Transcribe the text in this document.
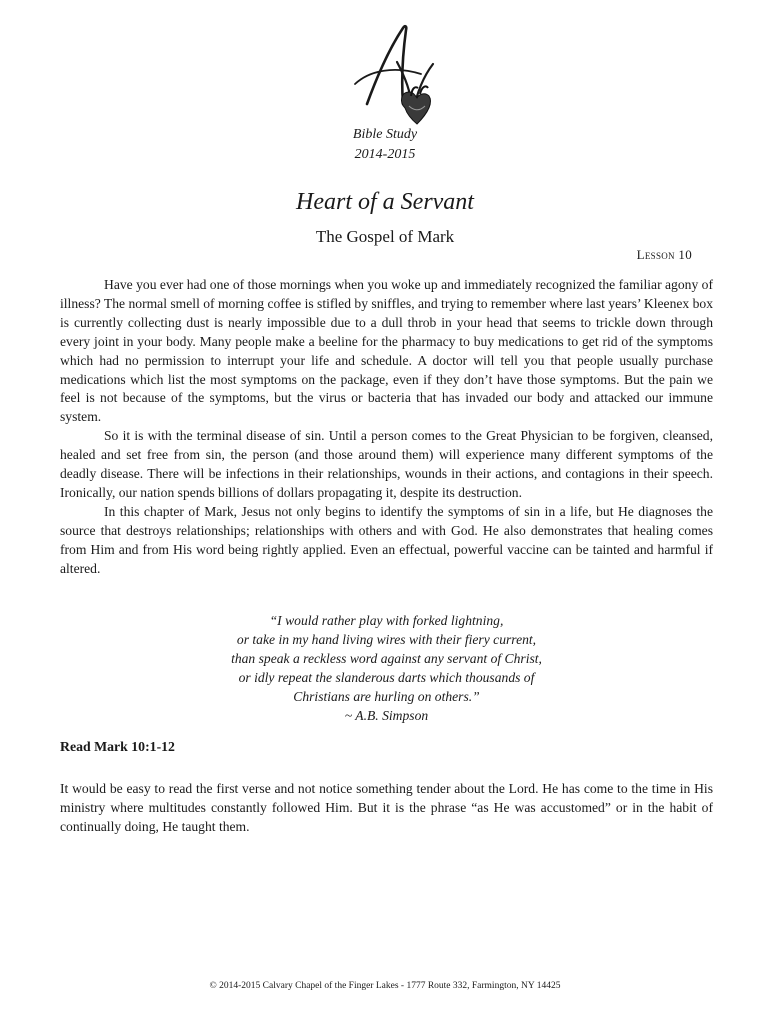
Bible Study
2014-2015
Heart of a Servant
The Gospel of Mark
Lesson 10

Have you ever had one of those mornings when you woke up and immediately recognized the familiar agony of illness? The normal smell of morning coffee is stifled by sniffles, and trying to remember where last years’ Kleenex box is currently collecting dust is nearly impossible due to a dull throb in your head that seems to trickle down through every joint in your body. Many people make a beeline for the pharmacy to buy medications to get rid of the symptoms which had no permission to interrupt your life and schedule. A doctor will tell you that people usually purchase medications which list the most symptoms on the package, even if they don’t have those symptoms. But the pain we feel is not because of the symptoms, but the virus or bacteria that has invaded our body and attacked our immune system.

So it is with the terminal disease of sin. Until a person comes to the Great Physician to be forgiven, cleansed, healed and set free from sin, the person (and those around them) will experience many different symptoms of the deadly disease. There will be infections in their relationships, wounds in their actions, and contagions in their speech. Ironically, our nation spends billions of dollars propagating it, despite its destruction.

In this chapter of Mark, Jesus not only begins to identify the symptoms of sin in a life, but He diagnoses the source that destroys relationships; relationships with others and with God. He also demonstrates that healing comes from Him and from His word being rightly applied. Even an effectual, powerful vaccine can be tainted and harmful if altered.

“I would rather play with forked lightning,
or take in my hand living wires with their fiery current,
than speak a reckless word against any servant of Christ,
or idly repeat the slanderous darts which thousands of
Christians are hurling on others.”
~ A.B. Simpson
Read Mark 10:1-12

It would be easy to read the first verse and not notice something tender about the Lord. He has come to the time in His ministry where multitudes constantly followed Him. But it is the phrase “as He was accustomed” or in the habit of continually doing, He taught them.

© 2014-2015 Calvary Chapel of the Finger Lakes - 1777 Route 332, Farmington, NY 14425
